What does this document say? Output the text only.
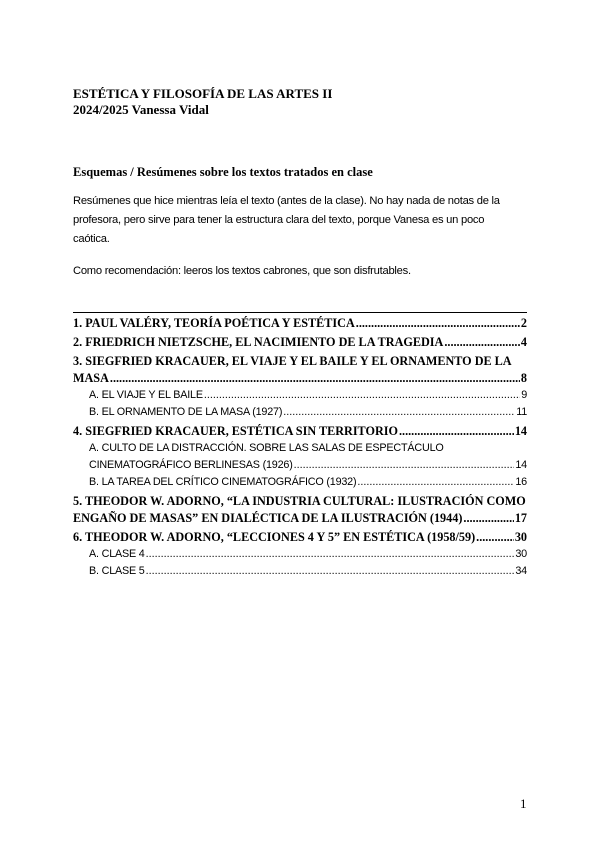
ESTÉTICA Y FILOSOFÍA DE LAS ARTES II
2024/2025 Vanessa Vidal
Esquemas / Resúmenes sobre los textos tratados en clase
Resúmenes que hice mientras leía el texto (antes de la clase). No hay nada de notas de la profesora, pero sirve para tener la estructura clara del texto, porque Vanesa es un poco caótica.
Como recomendación: leeros los textos cabrones, que son disfrutables.
1. PAUL VALÉRY, TEORÍA POÉTICA Y ESTÉTICA .....	2
2. FRIEDRICH NIETZSCHE, EL NACIMIENTO DE LA TRAGEDIA .....	4
3. SIEGFRIED KRACAUER, EL VIAJE Y EL BAILE Y EL ORNAMENTO DE LA
MASA .....	8
A. EL VIAJE Y EL BAILE .....	9
B. EL ORNAMENTO DE LA MASA (1927) .....	11
4. SIEGFRIED KRACAUER, ESTÉTICA SIN TERRITORIO .....	14
A. CULTO DE LA DISTRACCIÓN. SOBRE LAS SALAS DE ESPECTÁCULO
CINEMATOGRÁFICO BERLINESAS (1926) .....	14
B. LA TAREA DEL CRÍTICO CINEMATOGRÁFICO (1932) .....	16
5. THEODOR W. ADORNO, “LA INDUSTRIA CULTURAL: ILUSTRACIÓN COMO
ENGAÑO DE MASAS” EN DIALÉCTICA DE LA ILUSTRACIÓN (1944) .....	17
6. THEODOR W. ADORNO, “LECCIONES 4 Y 5” EN ESTÉTICA (1958/59) .....	30
A. CLASE 4 .....	30
B. CLASE 5 .....	34
1
